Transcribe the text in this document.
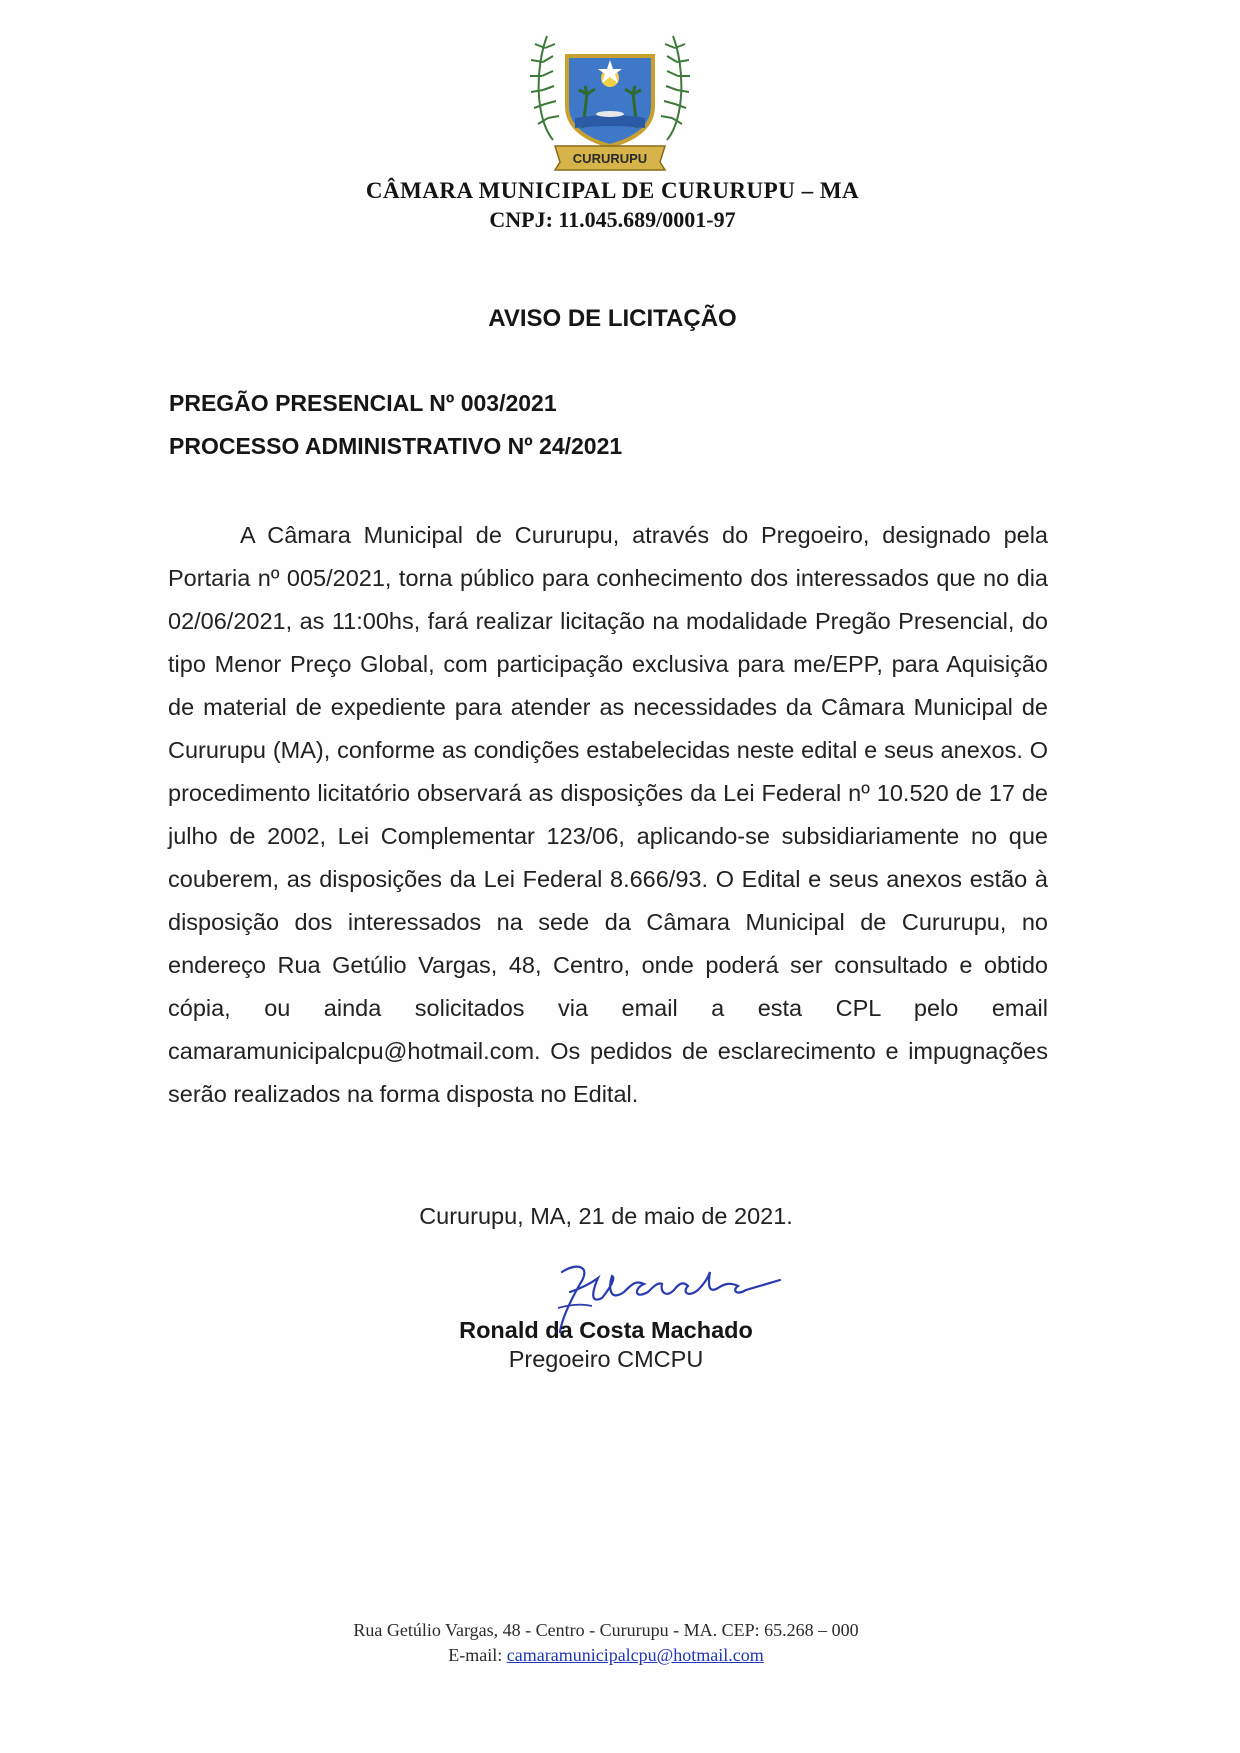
CURURUPU
CÂMARA MUNICIPAL DE CURURUPU – MA
CNPJ: 11.045.689/0001-97
AVISO DE LICITAÇÃO
PREGÃO PRESENCIAL Nº 003/2021
PROCESSO ADMINISTRATIVO Nº 24/2021

A Câmara Municipal de Cururupu, através do Pregoeiro, designado pela Portaria nº 005/2021, torna público para conhecimento dos interessados que no dia 02/06/2021, as 11:00hs, fará realizar licitação na modalidade Pregão Presencial, do tipo Menor Preço Global, com participação exclusiva para me/EPP, para Aquisição de material de expediente para atender as necessidades da Câmara Municipal de Cururupu (MA), conforme as condições estabelecidas neste edital e seus anexos. O procedimento licitatório observará as disposições da Lei Federal nº 10.520 de 17 de julho de 2002, Lei Complementar 123/06, aplicando-se subsidiariamente no que couberem, as disposições da Lei Federal 8.666/93. O Edital e seus anexos estão à disposição dos interessados na sede da Câmara Municipal de Cururupu, no endereço Rua Getúlio Vargas, 48, Centro, onde poderá ser consultado e obtido cópia, ou ainda solicitados via email a esta CPL pelo email camaramunicipalcpu@hotmail.com. Os pedidos de esclarecimento e impugnações serão realizados na forma disposta no Edital.

Cururupu, MA, 21 de maio de 2021.
Ronald da Costa Machado
Pregoeiro CMCPU
Rua Getúlio Vargas, 48 - Centro - Cururupu - MA. CEP: 65.268 – 000
E-mail: camaramunicipalcpu@hotmail.com
